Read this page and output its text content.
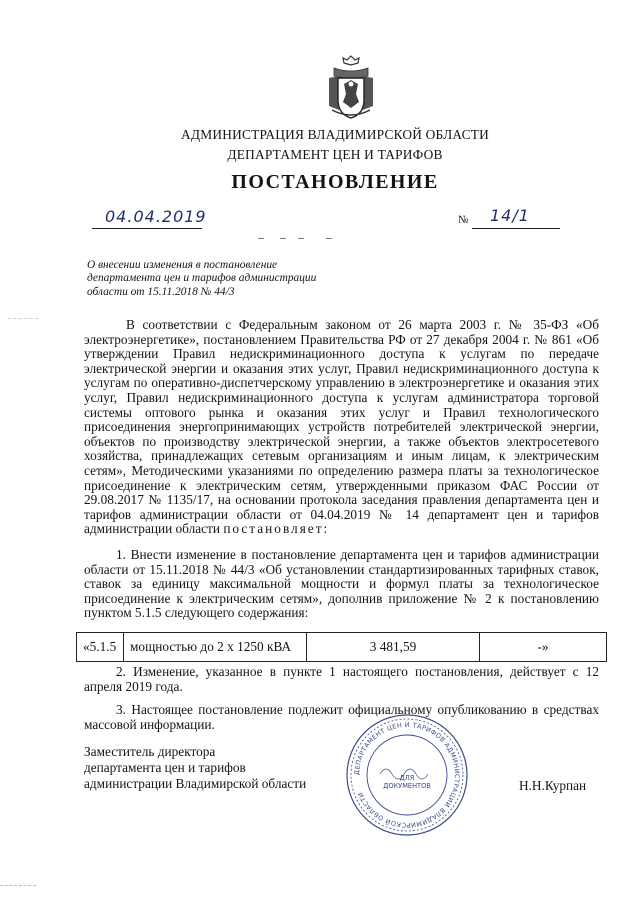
АДМИНИСТРАЦИЯ ВЛАДИМИРСКОЙ ОБЛАСТИ
ДЕПАРТАМЕНТ ЦЕН И ТАРИФОВ
ПОСТАНОВЛЕНИЕ
04.04.2019	№ 14/1
О внесении изменения в постановление департамента цен и тарифов администрации области от 15.11.2018 № 44/3
В соответствии с Федеральным законом от 26 марта 2003 г. № 35-ФЗ «Об электроэнергетике», постановлением Правительства РФ от 27 декабря 2004 г. № 861 «Об утверждении Правил недискриминационного доступа к услугам по передаче электрической энергии и оказания этих услуг, Правил недискриминационного доступа к услугам по оперативно-диспетчерскому управлению в электроэнергетике и оказания этих услуг, Правил недискриминационного доступа к услугам администратора торговой системы оптового рынка и оказания этих услуг и Правил технологического присоединения энергопринимающих устройств потребителей электрической энергии, объектов по производству электрической энергии, а также объектов электросетевого хозяйства, принадлежащих сетевым организациям и иным лицам, к электрическим сетям», Методическими указаниями по определению размера платы за технологическое присоединение к электрическим сетям, утвержденными приказом ФАС России от 29.08.2017 № 1135/17, на основании протокола заседания правления департамента цен и тарифов администрации области от 04.04.2019 № 14 департамент цен и тарифов администрации области постановляет:
1. Внести изменение в постановление департамента цен и тарифов администрации области от 15.11.2018 № 44/3 «Об установлении стандартизированных тарифных ставок, ставок за единицу максимальной мощности и формул платы за технологическое присоединение к электрическим сетям», дополнив приложение № 2 к постановлению пунктом 5.1.5 следующего содержания:
«5.1.5	мощностью до 2 х 1250 кВА	3 481,59	-»
2. Изменение, указанное в пункте 1 настоящего постановления, действует с 12 апреля 2019 года.
3. Настоящее постановление подлежит официальному опубликованию в средствах массовой информации.
Заместитель директора
департамента цен и тарифов
администрации Владимирской области
ДЕПАРТАМЕНТ ЦЕН И ТАРИФОВ АДМИНИСТРАЦИИ ВЛАДИМИРСКОЙ ОБЛАСТИ
ДЛЯ
ДОКУМЕНТОВ	Н.Н.Курпан
